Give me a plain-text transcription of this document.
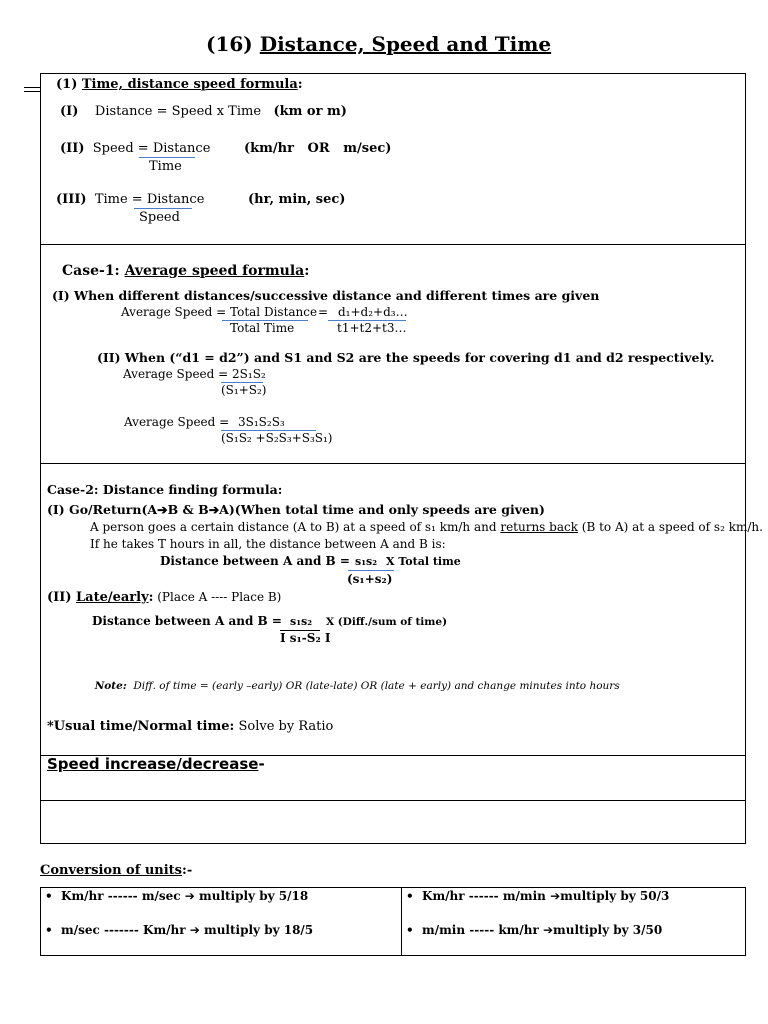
(16) Distance, Speed and Time
(1) Time, distance speed formula:
(I) Distance = Speed x Time (km or m)
(II) Speed = Distance
Time
(km/hr   OR   m/sec)
(III) Time = Distance
Speed
(hr, min, sec)
Case-1: Average speed formula:
(I) When different distances/successive distance and different times are given
Average Speed = Total Distance
Total Time
= d₁+d₂+d₃…
t1+t2+t3…
(II) When (“d1 = d2”) and S1 and S2 are the speeds for covering d1 and d2 respectively.
Average Speed = 2S₁S₂
(S₁+S₂)
Average Speed = 3S₁S₂S₃
(S₁S₂ +S₂S₃+S₃S₁)
Case-2: Distance finding formula:
(I) Go/Return(A➔B & B➔A)(When total time and only speeds are given)
A person goes a certain distance (A to B) at a speed of s₁ km/h and returns back (B to A) at a speed of s₂ km/h.
If he takes T hours in all, the distance between A and B is:
Distance between A and B = s₁s₂ X Total time
(s₁+s₂)
(II) Late/early: (Place A ---- Place B)
Distance between A and B = s₁s₂ X (Diff./sum of time)
I s₁-S₂ I

Note:  Diff. of time = (early –early) OR (late-late) OR (late + early) and change minutes into hours

*Usual time/Normal time: Solve by Ratio
Speed increase/decrease-
Conversion of units:-
• Km/hr ------ m/sec ➔ multiply by 5/18	• Km/hr ------ m/min ➔multiply by 50/3
• m/sec ------- Km/hr ➔ multiply by 18/5	• m/min ----- km/hr ➔multiply by 3/50
